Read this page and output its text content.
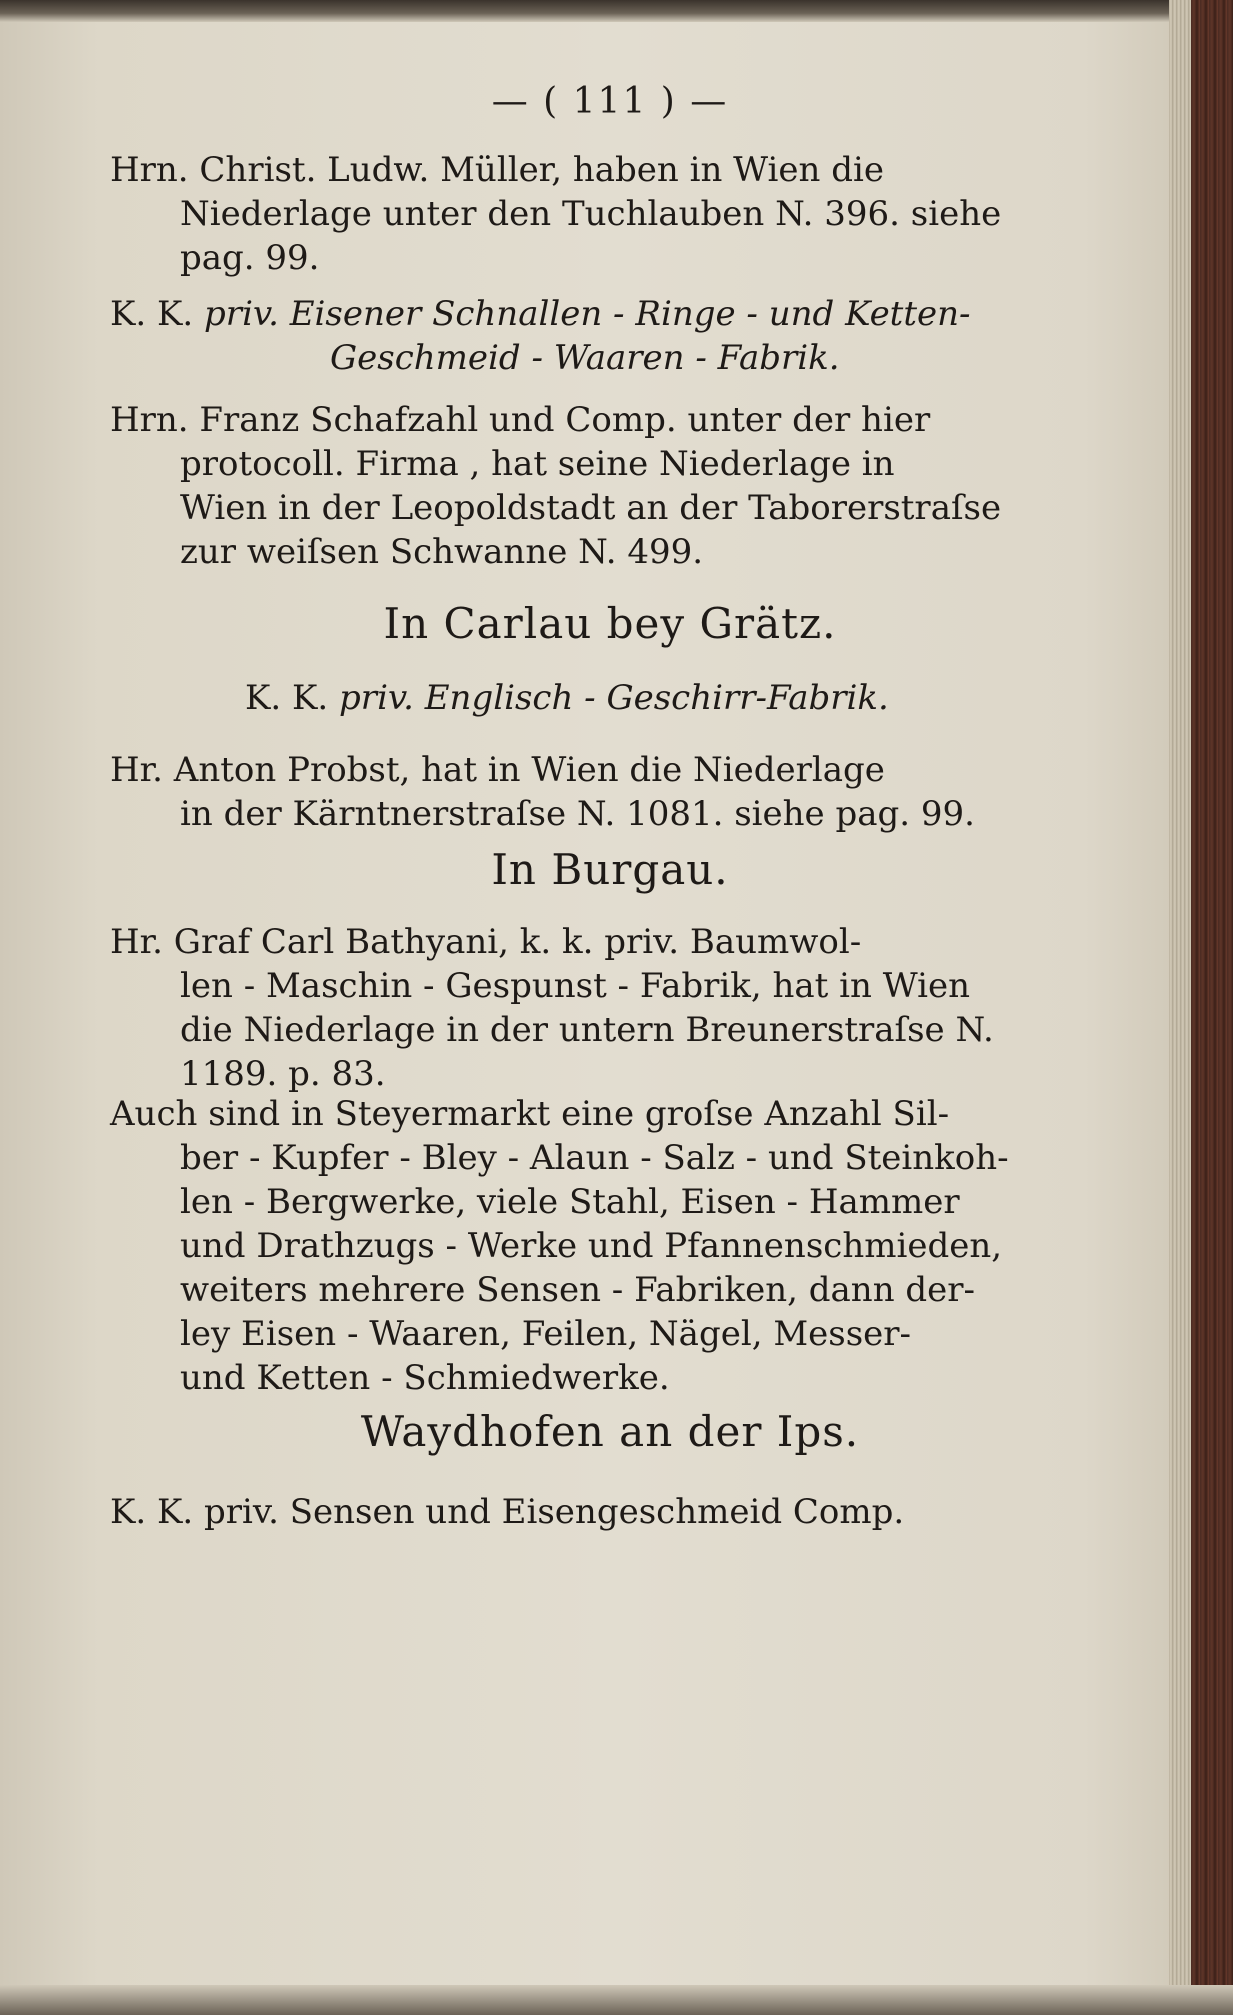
— ( 111 ) —
Hrn. Christ. Ludw. Müller, haben in Wien die
Niederlage unter den Tuchlauben N. 396. siehe
pag. 99.
K. K. priv. Eisener Schnallen - Ringe - und Ketten-
Geschmeid - Waaren - Fabrik.
Hrn. Franz Schafzahl und Comp. unter der hier
protocoll. Firma , hat seine Niederlage in
Wien in der Leopoldstadt an der Taborerstraſse
zur weiſsen Schwanne N. 499.
In Carlau bey Grätz.
K. K. priv. Englisch - Geschirr-Fabrik.
Hr. Anton Probst, hat in Wien die Niederlage
in der Kärntnerstraſse N. 1081. siehe pag. 99.
In Burgau.
Hr. Graf Carl Bathyani, k. k. priv. Baumwol-
len - Maschin - Gespunst - Fabrik, hat in Wien
die Niederlage in der untern Breunerstraſse N.
1189. p. 83.
Auch sind in Steyermarkt eine groſse Anzahl Sil-
ber - Kupfer - Bley - Alaun - Salz - und Steinkoh-
len - Bergwerke, viele Stahl, Eisen - Hammer
und Drathzugs - Werke und Pfannenschmieden,
weiters mehrere Sensen - Fabriken, dann der-
ley Eisen - Waaren, Feilen, Nägel, Messer-
und Ketten - Schmiedwerke.
Waydhofen an der Ips.
K. K. priv. Sensen und Eisengeschmeid Comp.
